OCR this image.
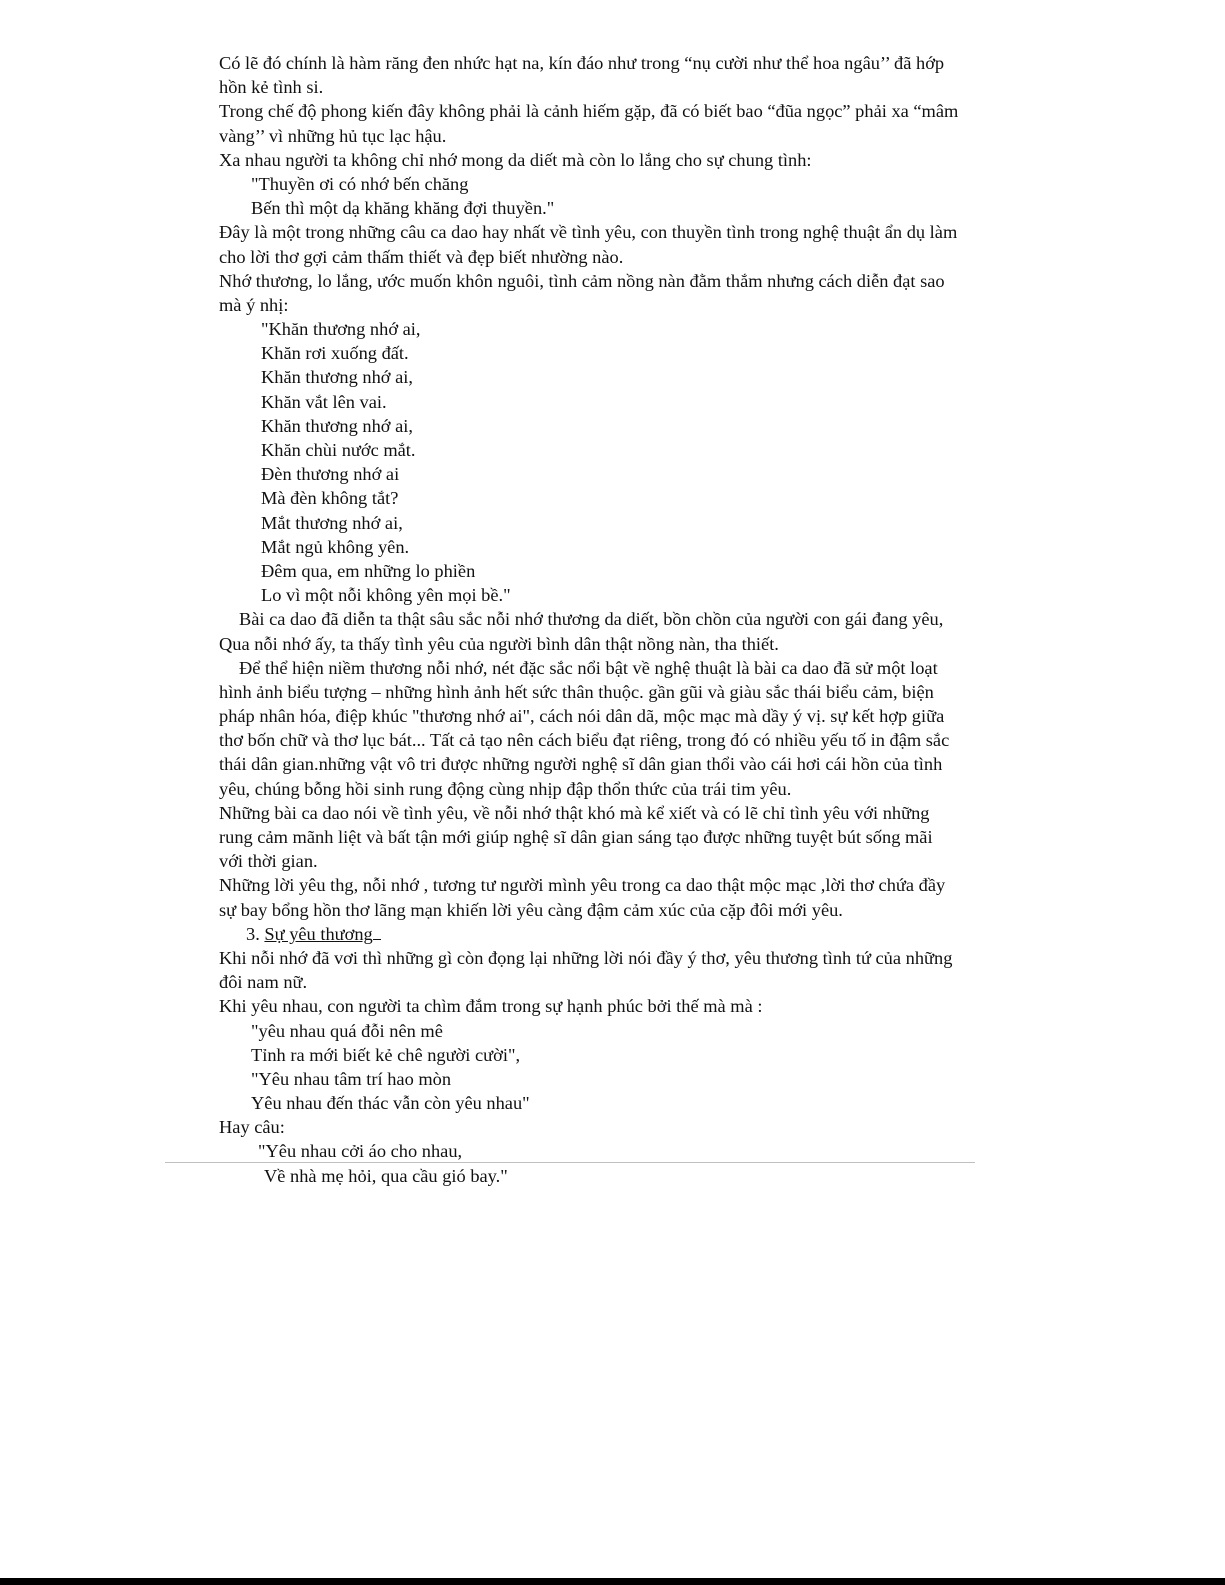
Có lẽ đó chính là hàm răng đen nhức hạt na, kín đáo như trong “nụ cười như thể hoa ngâu’’ đã hớp
hồn kẻ tình si.
Trong chế độ phong kiến đây không phải là cảnh hiếm gặp, đã có biết bao “đũa ngọc” phải xa “mâm
vàng’’ vì những hủ tục lạc hậu.
Xa nhau người ta không chỉ nhớ mong da diết mà còn lo lắng cho sự chung tình:
"Thuyền ơi có nhớ bến chăng
Bến thì một dạ khăng khăng đợi thuyền."
Đây là một trong những câu ca dao hay nhất về tình yêu, con thuyền tình trong nghệ thuật ẩn dụ làm
cho lời thơ gợi cảm thấm thiết và đẹp biết nhường nào.
Nhớ thương, lo lắng, ước muốn khôn nguôi, tình cảm nồng nàn đằm thắm nhưng cách diễn đạt sao
mà ý nhị:
"Khăn thương nhớ ai,
Khăn rơi xuống đất.
Khăn thương nhớ ai,
Khăn vắt lên vai.
Khăn thương nhớ ai,
Khăn chùi nước mắt.
Đèn thương nhớ ai
Mà đèn không tắt?
Mắt thương nhớ ai,
Mắt ngủ không yên.
Đêm qua, em những lo phiền
Lo vì một nỗi không yên mọi bề."
Bài ca dao đã diễn ta thật sâu sắc nỗi nhớ thương da diết, bồn chồn của người con gái đang yêu,
Qua nỗi nhớ ấy, ta thấy tình yêu của người bình dân thật nồng nàn, tha thiết.
Để thể hiện niềm thương nỗi nhớ, nét đặc sắc nổi bật về nghệ thuật là bài ca dao đã sử một loạt
hình ảnh biểu tượng – những hình ảnh hết sức thân thuộc. gần gũi và giàu sắc thái biểu cảm, biện
pháp nhân hóa, điệp khúc "thương nhớ ai", cách nói dân dã, mộc mạc mà dầy ý vị. sự kết hợp giữa
thơ bốn chữ và thơ lục bát... Tất cả tạo nên cách biểu đạt riêng, trong đó có nhiều yếu tố in đậm sắc
thái dân gian.những vật vô tri được những người nghệ sĩ dân gian thổi vào cái hơi cái hồn của tình
yêu, chúng bỗng hồi sinh rung động cùng nhịp đập thổn thức của trái tim yêu.
Những bài ca dao nói về tình yêu, về nỗi nhớ thật khó mà kể xiết và có lẽ chỉ tình yêu với những
rung cảm mãnh liệt và bất tận mới giúp nghệ sĩ dân gian sáng tạo được những tuyệt bút sống mãi
với thời gian.
Những lời yêu thg, nỗi nhớ , tương tư người mình yêu trong ca dao thật mộc mạc ,lời thơ chứa đầy
sự bay bổng hồn thơ lãng mạn khiến lời yêu càng đậm cảm xúc của cặp đôi mới yêu.
3. Sự yêu thương
Khi nỗi nhớ đã vơi thì những gì còn đọng lại những lời nói đầy ý thơ, yêu thương tình tứ của những
đôi nam nữ.
Khi yêu nhau, con người ta chìm đắm trong sự hạnh phúc bởi thế mà mà :
"yêu nhau quá đỗi nên mê
Tỉnh ra mới biết kẻ chê người cười",
"Yêu nhau tâm trí hao mòn
Yêu nhau đến thác vẫn còn yêu nhau"
Hay câu:
"Yêu nhau cởi áo cho nhau,
Về nhà mẹ hỏi, qua cầu gió bay."
